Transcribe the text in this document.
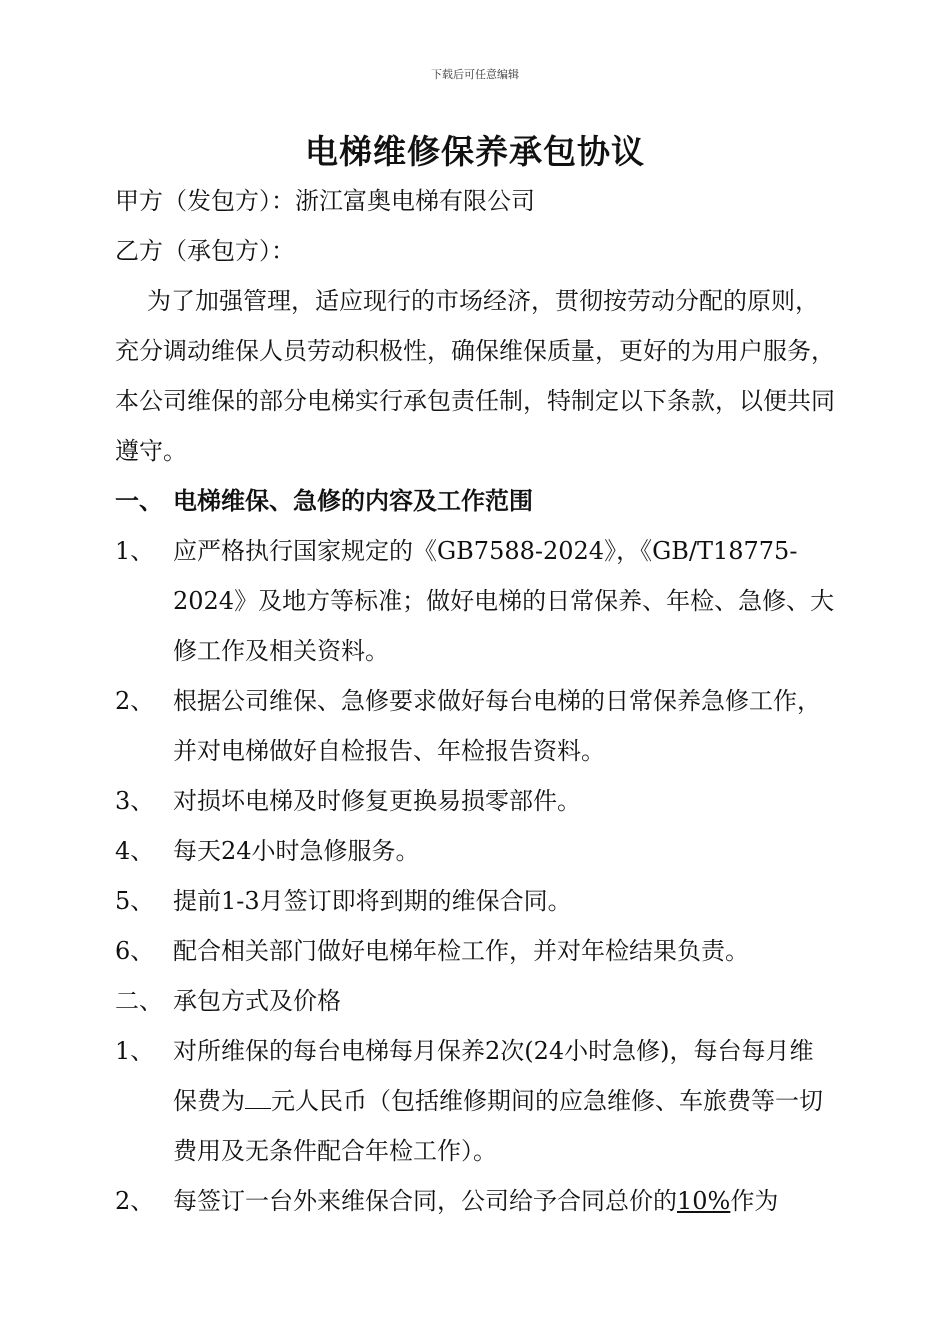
下载后可任意编辑
电梯维修保养承包协议

甲方（发包方）：浙江富奥电梯有限公司

乙方（承包方）：

为了加强管理，适应现行的市场经济，贯彻按劳动分配的原则，充分调动维保人员劳动积极性，确保维保质量，更好的为用户服务，本公司维保的部分电梯实行承包责任制，特制定以下条款，以便共同遵守。

一、 电梯维保、急修的内容及工作范围
1、 应严格执行国家规定的《GB7588-2024》，《GB/T18775-2024》及地方等标准；做好电梯的日常保养、年检、急修、大修工作及相关资料。
2、 根据公司维保、急修要求做好每台电梯的日常保养急修工作，并对电梯做好自检报告、年检报告资料。
3、 对损坏电梯及时修复更换易损零部件。
4、 每天24小时急修服务。
5、 提前1-3月签订即将到期的维保合同。
6、 配合相关部门做好电梯年检工作，并对年检结果负责。
二、 承包方式及价格
1、 对所维保的每台电梯每月保养2次(24小时急修)，每台每月维保费为 元人民币（包括维修期间的应急维修、车旅费等一切费用及无条件配合年检工作）。
2、 每签订一台外来维保合同，公司给予合同总价的10%作为
